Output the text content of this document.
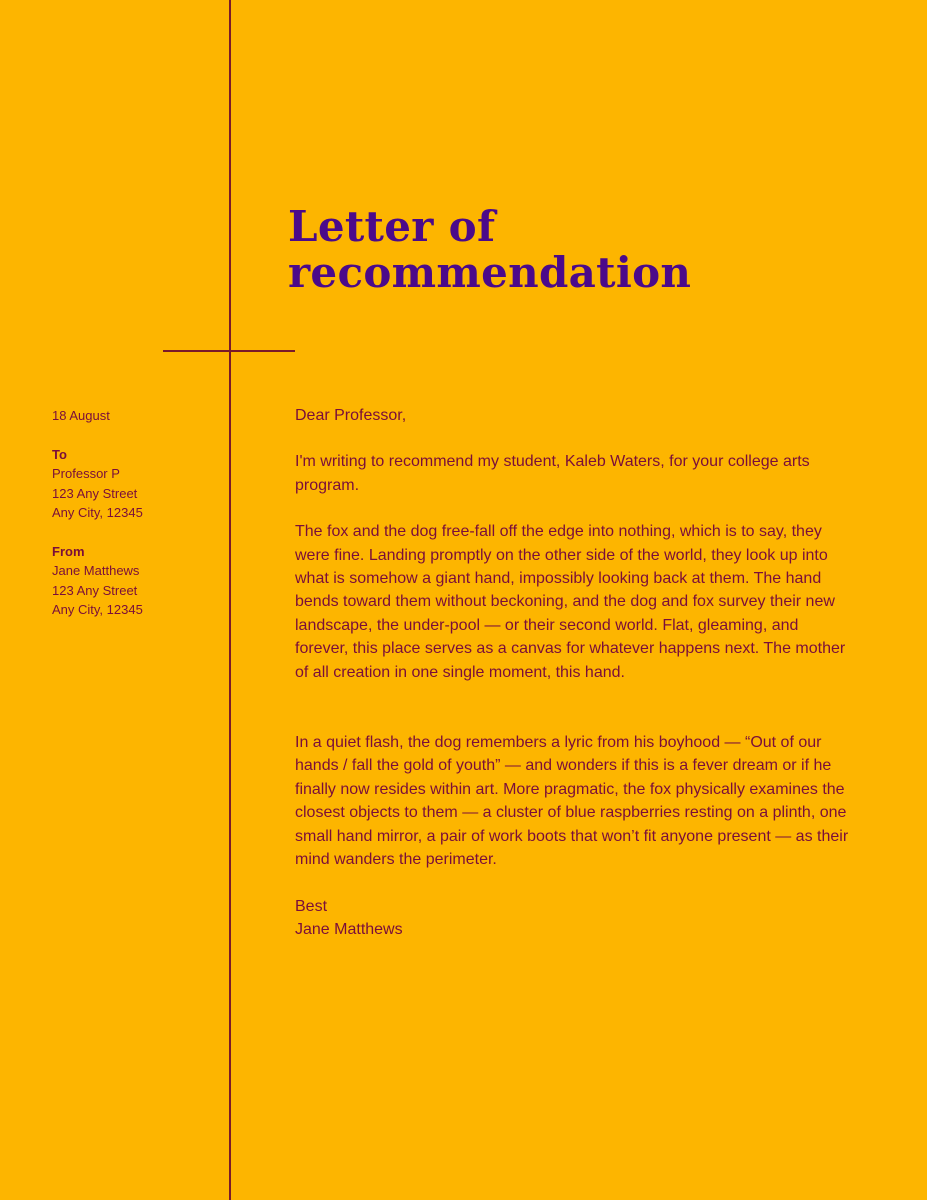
Letter of
recommendation
18 August
To
Professor P
123 Any Street
Any City, 12345
From
Jane Matthews
123 Any Street
Any City, 12345

Dear Professor,

I'm writing to recommend my student, Kaleb Waters, for your college arts program.

The fox and the dog free-fall off the edge into nothing, which is to say, they were fine. Landing promptly on the other side of the world, they look up into what is somehow a giant hand, impossibly looking back at them. The hand bends toward them without beckoning, and the dog and fox survey their new landscape, the under-pool — or their second world. Flat, gleaming, and forever, this place serves as a canvas for whatever happens next. The mother of all creation in one single moment, this hand.

In a quiet flash, the dog remembers a lyric from his boyhood — “Out of our hands / fall the gold of youth” — and wonders if this is a fever dream or if he finally now resides within art. More pragmatic, the fox physically examines the closest objects to them — a cluster of blue raspberries resting on a plinth, one small hand mirror, a pair of work boots that won’t fit anyone present — as their mind wanders the perimeter.

Best
Jane Matthews
